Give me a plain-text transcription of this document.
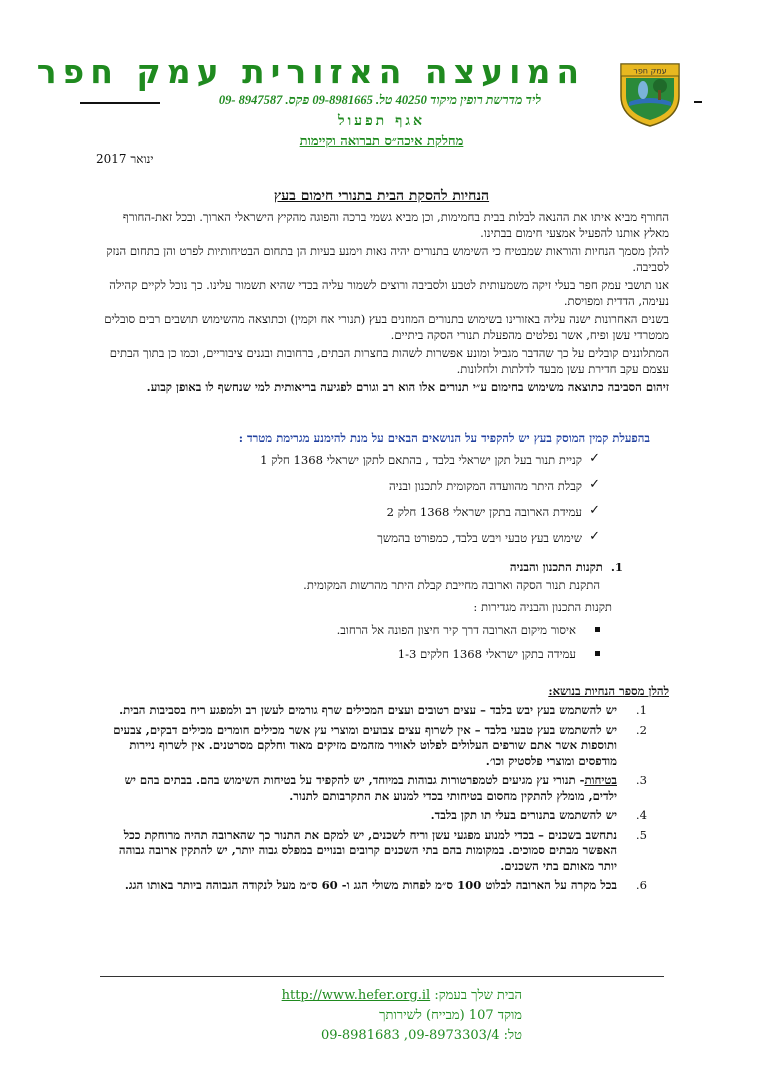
עמק חפר
המועצה האזורית עמק חפר
ליד מדרשת רופין מיקוד 40250 טל. 09-8981665 פקס. 8947587 -09
אגף תפעול
מחלקת איכה״ס תברואה וקיימות
ינואר 2017
הנחיות להסקת הבית בתנורי חימום בעץ

החורף מביא איתו את ההנאה לבלות בבית בחמימות, וכן מביא גשמי ברכה והפוגה מהקיץ הישראלי הארוך. ובכל זאת-החורף מאלץ אותנו להפעיל אמצעי חימום בבתינו.

להלן מסמך הנחיות והוראות שמבטיח כי השימוש בתנורים יהיה נאות וימנע בעיות הן בתחום הבטיחותיות לפרט והן בתחום הנזק לסביבה.

אנו תושבי עמק חפר בעלי זיקה משמעותית לטבע ולסביבה ורוצים לשמור עליה בכדי שהיא תשמור עלינו. כך נוכל לקיים קהילה נעימה, הדדית ומפויסת.

בשנים האחרונות ישנה עליה באזורינו בשימוש בתנורים המוזנים בעץ (תנורי אח וקמין) וכתוצאה מהשימוש תושבים רבים סובלים ממטרדי עשן ופיח, אשר נפלטים מהפעלת תנורי הסקה ביתיים.

המתלוננים קובלים על כך שהדבר מגביל ומונע אפשרות לשהות בחצרות הבתים, ברחובות ובגנים ציבוריים, וכמו כן בתוך הבתים עצמם עקב חדירת עשן מבעד לדלתות ולחלונות.

זיהום הסביבה כתוצאה משימוש בחימום ע״י תנורים אלו הוא רב וגורם לפגיעה בריאותית למי שנחשף לו באופן קבוע.

בהפעלת קמין המוסק בעץ יש להקפיד על הנושאים הבאים על מנת להימנע מגרימת מטרד :
✓
קניית תנור בעל תקן ישראלי בלבד , בהתאם לתקן ישראלי 1368 חלק 1
✓
קבלת היתר מהוועדה המקומית לתכנון ובניה
✓
עמידת הארובה בתקן ישראלי 1368 חלק 2
✓
שימוש בעץ טבעי ויבש בלבד, כמפורט בהמשך
1.תקנות התכנון והבניה
התקנת תנור הסקה וארובה מחייבת קבלת היתר מהרשות המקומית.
תקנות התכנון והבניה מגדירות :
איסור מיקום הארובה דרך קיר חיצון הפונה אל הרחוב.
עמידה בתקן ישראלי 1368 חלקים 1-3
להלן מספר הנחיות בנושא:
1.
יש להשתמש בעץ יבש בלבד – עצים רטובים ועצים המכילים שרף גורמים לעשן רב ולמפגע ריח בסביבות הבית.
2.
יש להשתמש בעץ טבעי בלבד – אין לשרוף עצים צבועים ומוצרי עץ אשר מכילים חומרים מכילים דבקים, צבעים ותוספות אשר אתם שורפים העלולים לפלוט לאוויר מזהמים מזיקים מאוד וחלקם מסרטנים. אין לשרוף ניירות מודפסים ומוצרי פלסטיק וכו׳.
3.
בטיחות- תנורי עץ מגיעים לטמפרטורות גבוהות במיוחד, יש להקפיד על בטיחות השימוש בהם. בבתים בהם יש ילדים, מומלץ להתקין מחסום בטיחותי בכדי למנוע את התקרבותם לתנור.
4.
יש להשתמש בתנורים בעלי תו תקן בלבד.
5.
נתחשב בשכנים – בכדי למנוע מפגעי עשן וריח לשכנים, יש למקם את התנור כך שהארובה תהיה מרוחקת ככל האפשר מבתים סמוכים. במקומות בהם בתי השכנים קרובים ובנויים במפלס גבוה יותר, יש להתקין ארובה גבוהה יותר מאותם בתי השכנים.
6.
בכל מקרה על הארובה לבלוט 100 ס״מ לפחות משולי הגג ו- 60 ס״מ מעל לנקודה הגבוהה ביותר באותו הגג.
הבית שלך בעמק: http://www.hefer.org.il
מוקד 107 (מבייח) לשירותך
טל: 09-8973303/4, 09-8981683
